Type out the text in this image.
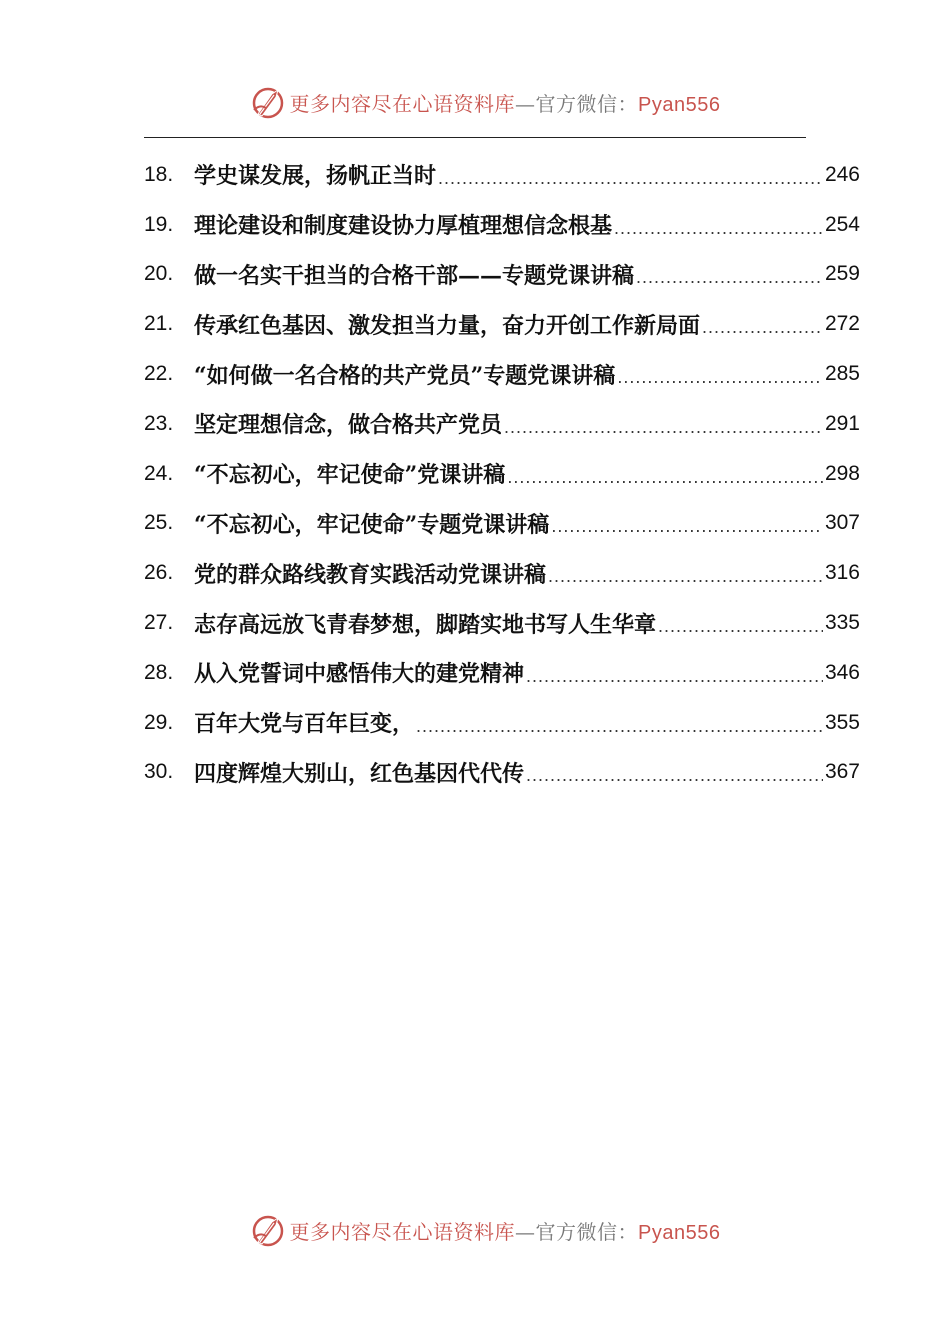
更多内容尽在心语资料库—官方微信：Pyan556
18. 学史谋发展，扬帆正当时 .....	246
19. 理论建设和制度建设协力厚植理想信念根基 .....	254
20. 做一名实干担当的合格干部——专题党课讲稿 .....	259
21. 传承红色基因、激发担当力量，奋力开创工作新局面 .....	272
22. “如何做一名合格的共产党员”专题党课讲稿 .....	285
23. 坚定理想信念，做合格共产党员 .....	291
24. “不忘初心，牢记使命”党课讲稿 .....	298
25. “不忘初心，牢记使命”专题党课讲稿 .....	307
26. 党的群众路线教育实践活动党课讲稿 .....	316
27. 志存高远放飞青春梦想，脚踏实地书写人生华章 .....	335
28. 从入党誓词中感悟伟大的建党精神 .....	346
29. 百年大党与百年巨变， .....	355
30. 四度辉煌大别山，红色基因代代传 .....	367
更多内容尽在心语资料库—官方微信：Pyan556
